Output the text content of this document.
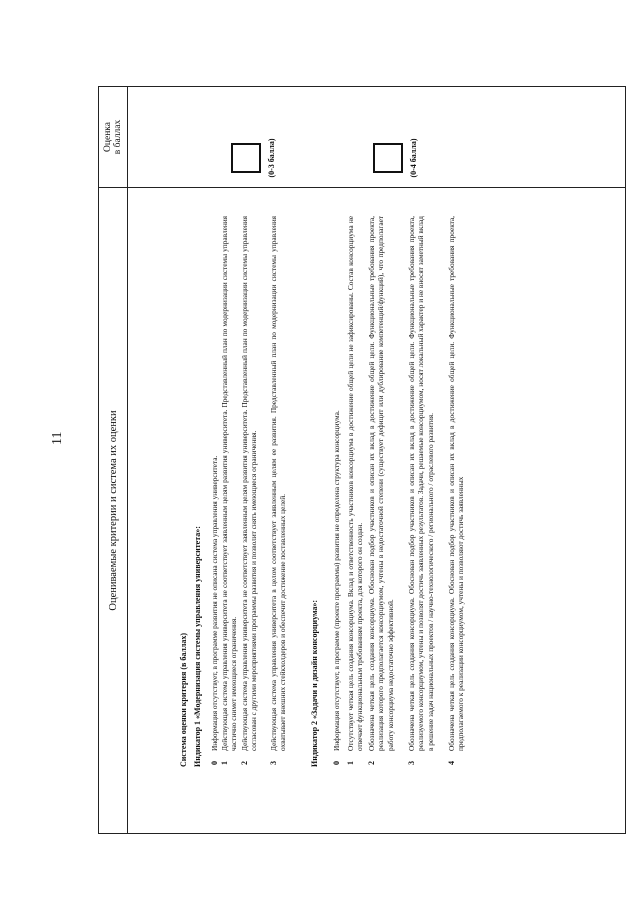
11	Оцениваемые критерии и система их оценки
Оценка в баллах
Система оценки критерия (в баллах) Индикатор 1 «Модернизация системы управления университета»: 0
Информация отсутствует, в программе развития не описана система управления университета.
1
Действующая система управления университета не соответствует заявленным целям развития университета. Представленный план по модернизации системы управления частично снимет имеющиеся ограничения.
2
Действующая система управления университета не соответствует заявленным целям развития университета. Представленный план по модернизации системы управления согласован с другими мероприятиями программы развития и позволит снять имеющиеся ограничения.
3
Действующая система управления университета в целом соответствует заявленным целям ее развития. Представленный план по модернизации системы управления охватывает внешних стейкхолдеров и обеспечит достижение поставленных целей.
(0-3 балла)
Индикатор 2 «Задачи и дизайн консорциума»: 0
Информация отсутствует, в программе (проекте программы) развития не определена структура консорциума.
1
Отсутствует четкая цель создания консорциума. Вклад и ответственность участников консорциума в достижение общей цели не зафиксированы. Состав консорциума не отвечает функциональным требованиям проекта, для которого он создан.
2
Обозначена четкая цель создания консорциума. Обоснован подбор участников и описан их вклад в достижение общей цели. Функциональные требования проекта, реализация которого предполагается консорциумом, учтены в недостаточной степени (существует дефицит или дублирование компетенций/функций), что предполагает работу консорциума недостаточно эффективной.
3
Обозначена четкая цель создания консорциума. Обоснован подбор участников и описан их вклад в достижение общей цели. Функциональные требования проекта, реализуемого консорциумом, учтены и позволят достичь заявленных результатов. Задачи, решаемые консорциумом, носят локальный характер и не вносят заметный вклад в решение задач национальных проектов / научно-технологического / регионального / отраслевого развития.
4
Обозначена четкая цель создания консорциума. Обоснован подбор участников и описан их вклад в достижение общей цели. Функциональные требования проекта, предполагаемого к реализации консорциумом, учтены и позволяют достичь заявленных
(0-4 балла)
